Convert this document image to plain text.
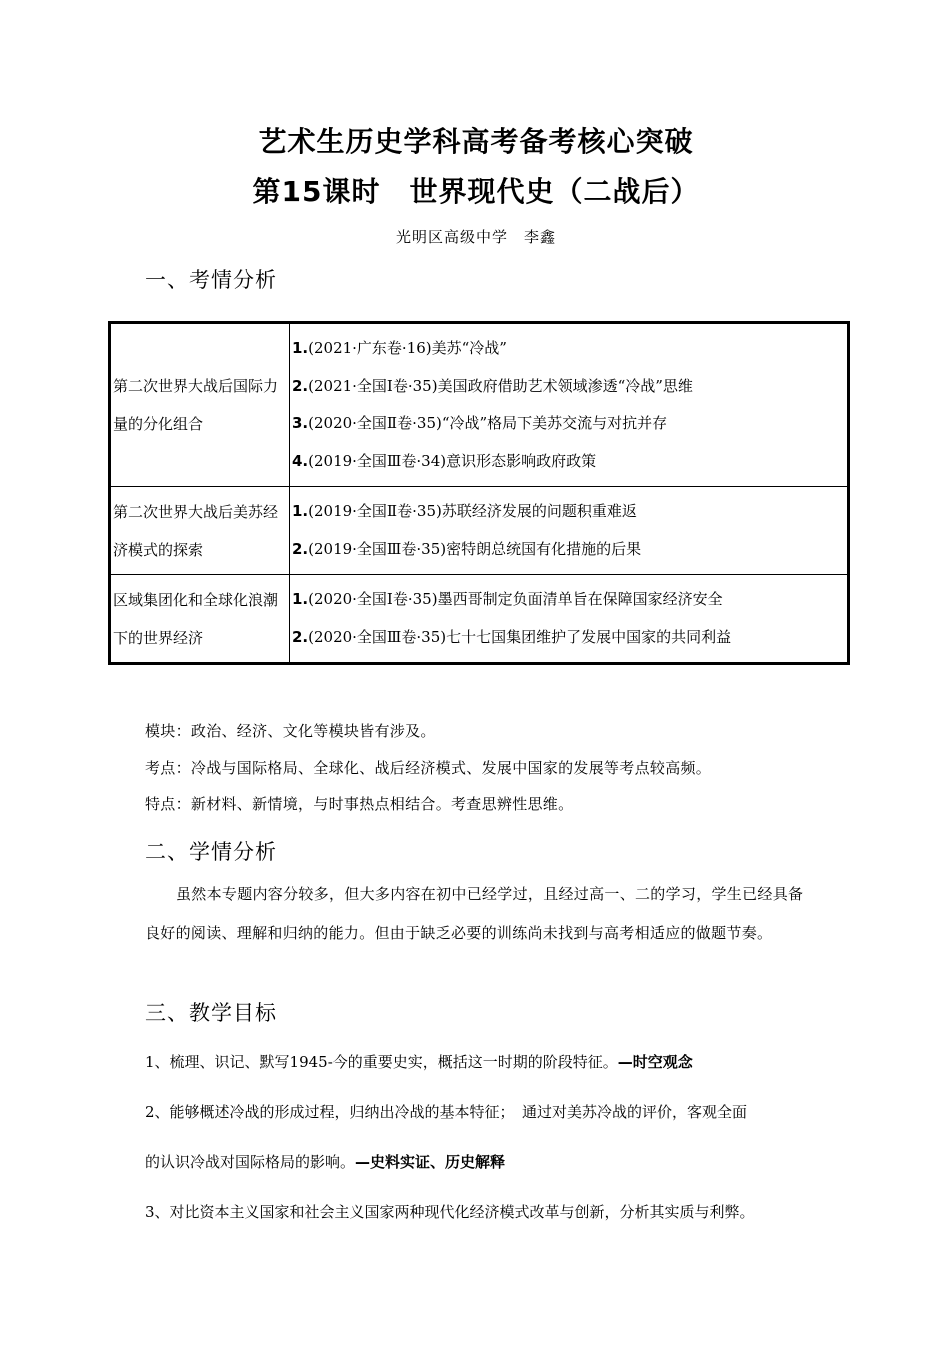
艺术生历史学科高考备考核心突破
第15课时　世界现代史（二战后）
光明区高级中学　李鑫
一、考情分析
第二次世界大战后国际力量的分化组合	1.(2021·广东卷·16)美苏“冷战”
2.(2021·全国Ⅰ卷·35)美国政府借助艺术领域渗透“冷战”思维
3.(2020·全国Ⅱ卷·35)“冷战”格局下美苏交流与对抗并存
4.(2019·全国Ⅲ卷·34)意识形态影响政府政策

第二次世界大战后美苏经济模式的探索	1.(2019·全国Ⅱ卷·35)苏联经济发展的问题积重难返
2.(2019·全国Ⅲ卷·35)密特朗总统国有化措施的后果

区域集团化和全球化浪潮下的世界经济	1.(2020·全国Ⅰ卷·35)墨西哥制定负面清单旨在保障国家经济安全
2.(2020·全国Ⅲ卷·35)七十七国集团维护了发展中国家的共同利益
模块：政治、经济、文化等模块皆有涉及。
考点：冷战与国际格局、全球化、战后经济模式、发展中国家的发展等考点较高频。
特点：新材料、新情境，与时事热点相结合。考查思辨性思维。
二、学情分析
虽然本专题内容分较多，但大多内容在初中已经学过，且经过高一、二的学习，学生已经具备良好的阅读、理解和归纳的能力。但由于缺乏必要的训练尚未找到与高考相适应的做题节奏。
三、教学目标
1、梳理、识记、默写1945-今的重要史实，概括这一时期的阶段特征。—时空观念
2、能够概述冷战的形成过程，归纳出冷战的基本特征；　通过对美苏冷战的评价，客观全面
的认识冷战对国际格局的影响。—史料实证、历史解释
3、对比资本主义国家和社会主义国家两种现代化经济模式改革与创新，分析其实质与利弊。
